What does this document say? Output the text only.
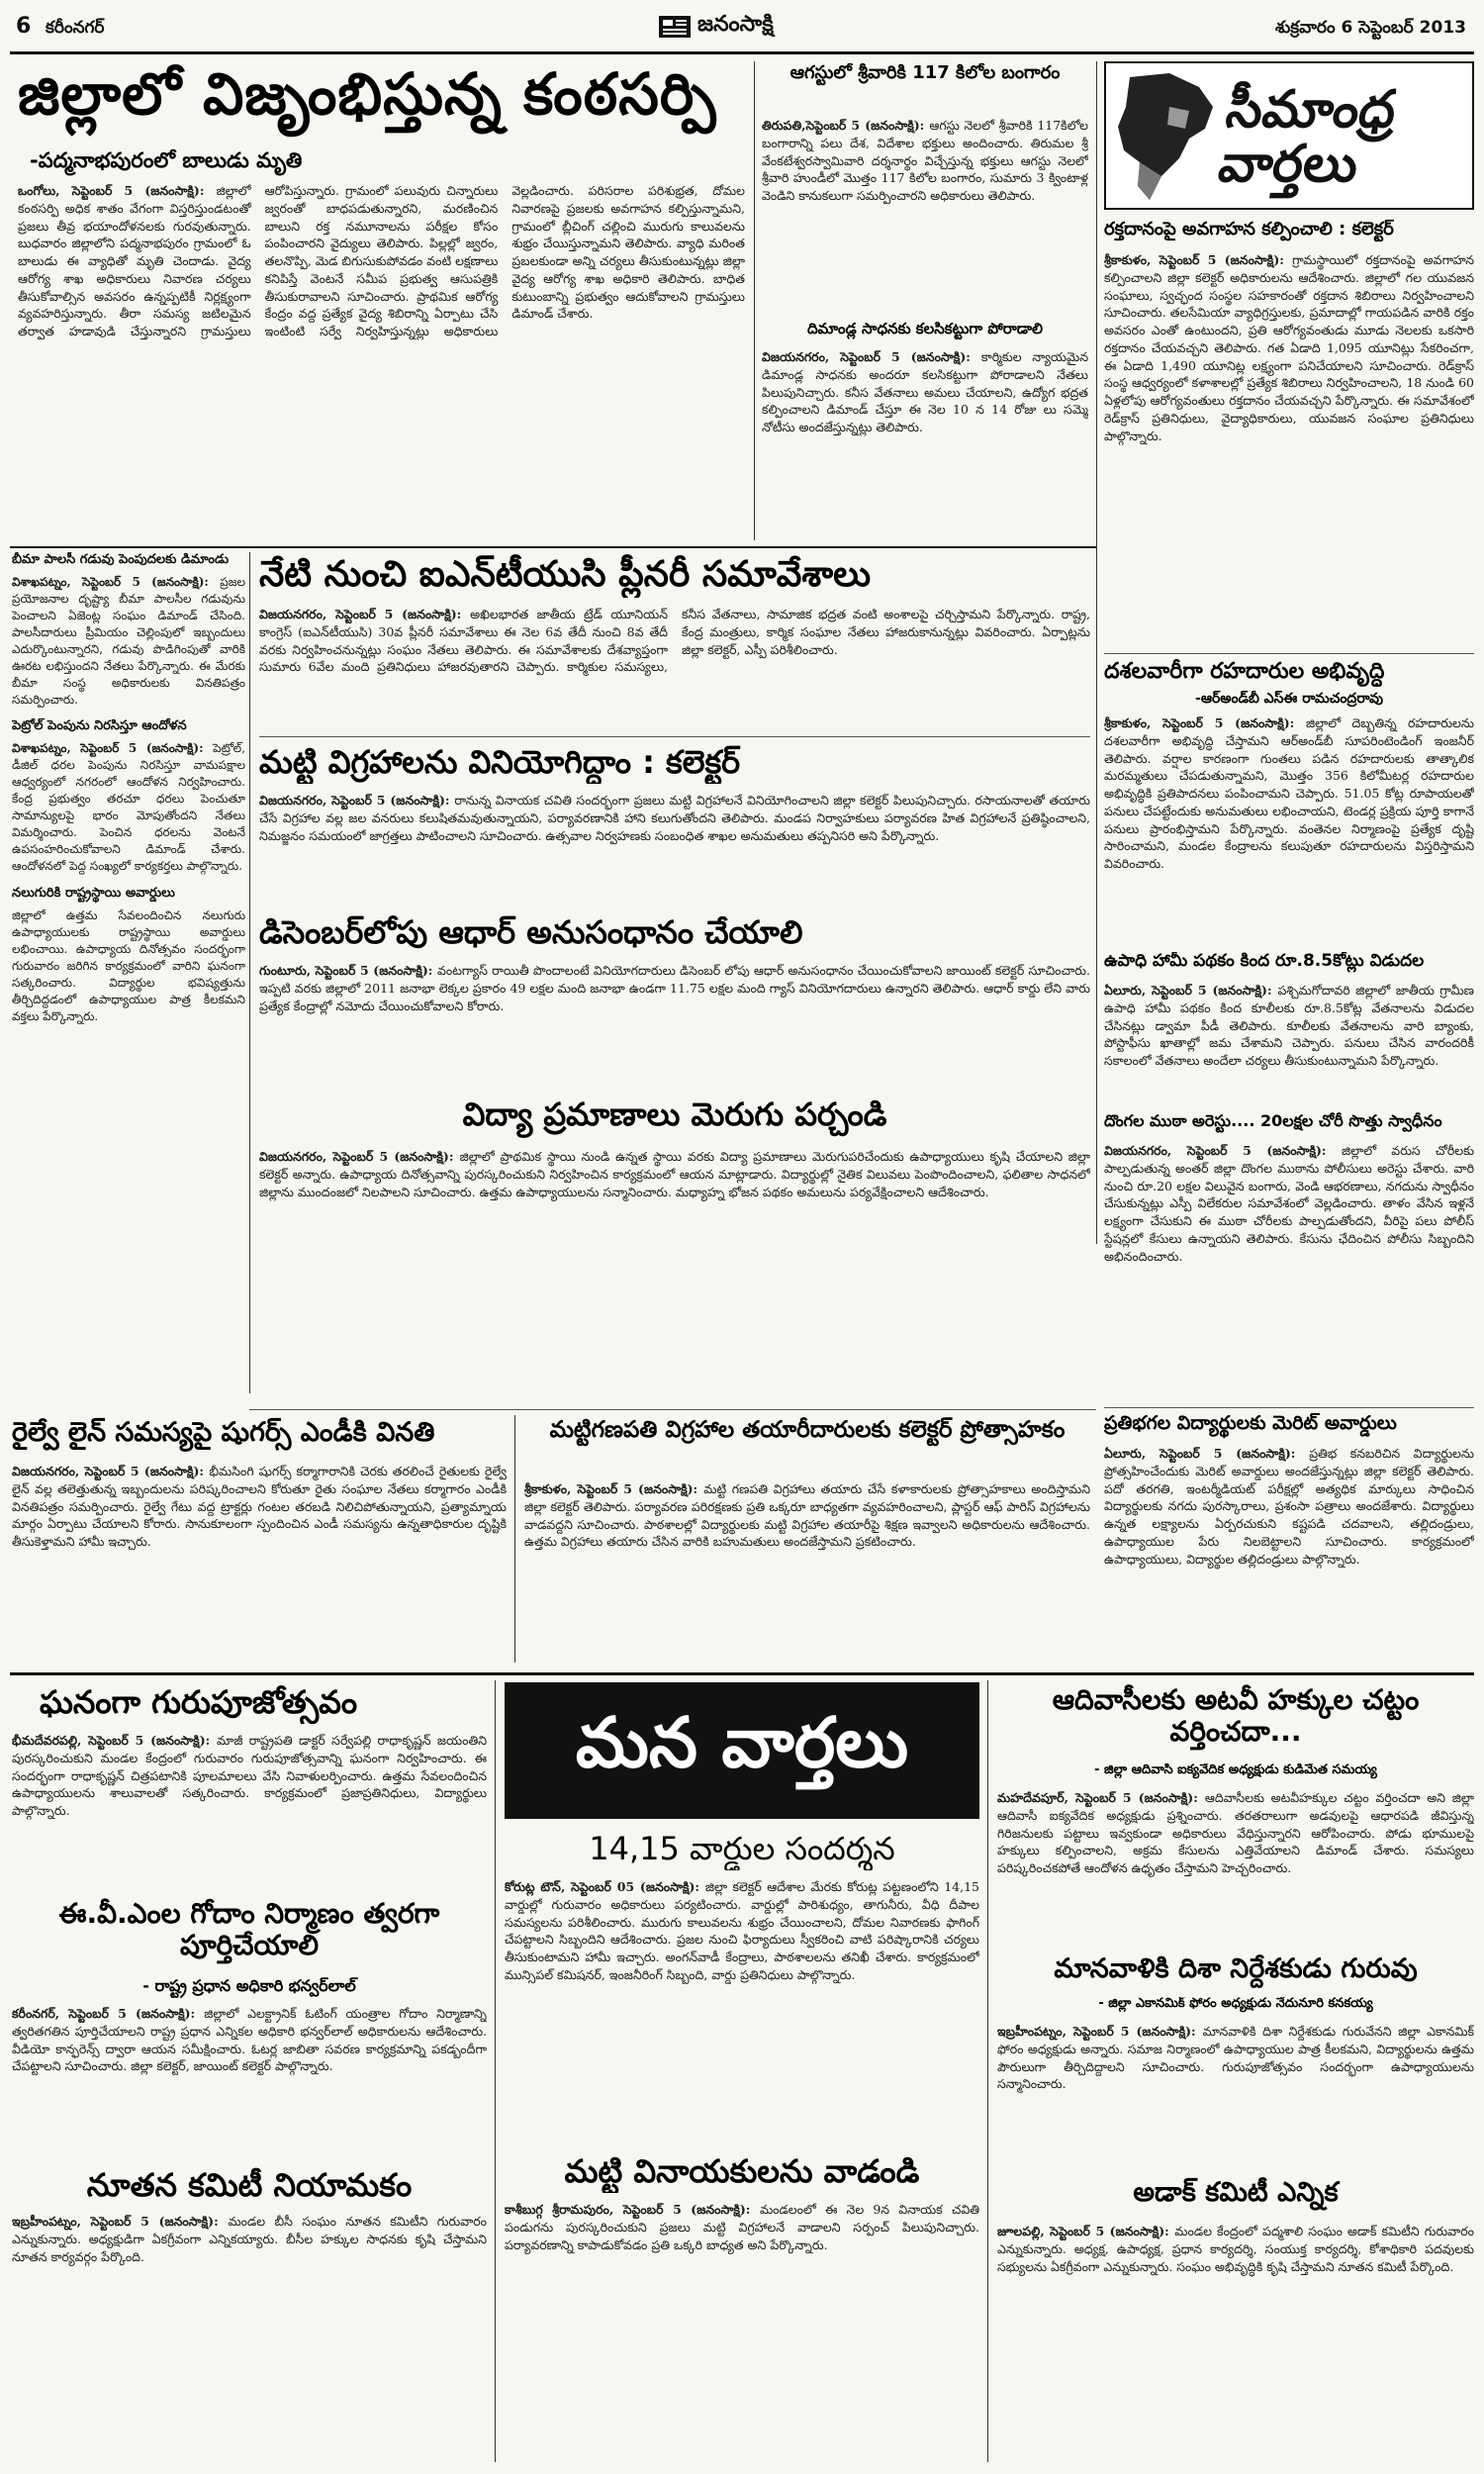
6 కరీంనగర్	జనంసాక్షి	శుక్రవారం 6 సెప్టెంబర్ 2013
జిల్లాలో విజృంభిస్తున్న కంఠసర్పి
-పద్మనాభపురంలో బాలుడు మృతి
ఒంగోలు, సెప్టెంబర్ 5 (జనంసాక్షి): జిల్లాలో కంఠసర్పి అధిక శాతం వేగంగా విస్తరిస్తుండటంతో ప్రజలు తీవ్ర భయాందోళనలకు గురవుతున్నారు. బుధవారం జిల్లాలోని పద్మనాభపురం గ్రామంలో ఓ బాలుడు ఈ వ్యాధితో మృతి చెందాడు. వైద్య ఆరోగ్య శాఖ అధికారులు నివారణ చర్యలు తీసుకోవాల్సిన అవసరం ఉన్నప్పటికీ నిర్లక్ష్యంగా వ్యవహరిస్తున్నారు. తీరా సమస్య జటిలమైన తర్వాత హడావుడి చేస్తున్నారని గ్రామస్తులు ఆరోపిస్తున్నారు. గ్రామంలో పలువురు చిన్నారులు జ్వరంతో బాధపడుతున్నారని, మరణించిన బాలుని రక్త నమూనాలను పరీక్షల కోసం పంపించారని వైద్యులు తెలిపారు. పిల్లల్లో జ్వరం, తలనొప్పి, మెడ బిగుసుకుపోవడం వంటి లక్షణాలు కనిపిస్తే వెంటనే సమీప ప్రభుత్వ ఆసుపత్రికి తీసుకురావాలని సూచించారు. ప్రాథమిక ఆరోగ్య కేంద్రం వద్ద ప్రత్యేక వైద్య శిబిరాన్ని ఏర్పాటు చేసి ఇంటింటి సర్వే నిర్వహిస్తున్నట్లు అధికారులు వెల్లడించారు. పరిసరాల పరిశుభ్రత, దోమల నివారణపై ప్రజలకు అవగాహన కల్పిస్తున్నామని, గ్రామంలో బ్లీచింగ్ చల్లించి మురుగు కాలువలను శుభ్రం చేయిస్తున్నామని తెలిపారు. వ్యాధి మరింత ప్రబలకుండా అన్ని చర్యలు తీసుకుంటున్నట్లు జిల్లా వైద్య ఆరోగ్య శాఖ అధికారి తెలిపారు. బాధిత కుటుంబాన్ని ప్రభుత్వం ఆదుకోవాలని గ్రామస్తులు డిమాండ్ చేశారు.
ఆగస్టులో శ్రీవారికి 117 కిలోల బంగారం
తిరుపతి,సెప్టెంబర్ 5 (జనంసాక్షి): ఆగస్టు నెలలో శ్రీవారికి 117కిలోల బంగారాన్ని పలు దేశ, విదేశాల భక్తులు అందించారు. తిరుమల శ్రీ వేంకటేశ్వరస్వామివారి దర్శనార్థం విచ్చేస్తున్న భక్తులు ఆగస్టు నెలలో శ్రీవారి హుండీలో మొత్తం 117 కిలోల బంగారం, సుమారు 3 క్వింటాళ్ల వెండిని కానుకలుగా సమర్పించారని అధికారులు తెలిపారు.
దిమాండ్ల సాధనకు కలసికట్టుగా పోరాడాలి
విజయనగరం, సెప్టెంబర్ 5 (జనంసాక్షి): కార్మికుల న్యాయమైన డిమాండ్ల సాధనకు అందరూ కలసికట్టుగా పోరాడాలని నేతలు పిలుపునిచ్చారు. కనీస వేతనాలు అమలు చేయాలని, ఉద్యోగ భద్రత కల్పించాలని డిమాండ్ చేస్తూ ఈ నెల 10 న 14 రోజు లు సమ్మె నోటీసు అందజేస్తున్నట్లు తెలిపారు.
సీమాంధ్ర వార్తలు
రక్తదానంపై అవగాహన కల్పించాలి : కలెక్టర్
శ్రీకాకుళం, సెప్టెంబర్ 5 (జనంసాక్షి): గ్రామస్థాయిలో రక్తదానంపై అవగాహన కల్పించాలని జిల్లా కలెక్టర్ అధికారులను ఆదేశించారు. జిల్లాలో గల యువజన సంఘాలు, స్వచ్ఛంద సంస్థల సహకారంతో రక్తదాన శిబిరాలు నిర్వహించాలని సూచించారు. తలసేమియా వ్యాధిగ్రస్తులకు, ప్రమాదాల్లో గాయపడిన వారికి రక్తం అవసరం ఎంతో ఉంటుందని, ప్రతి ఆరోగ్యవంతుడు మూడు నెలలకు ఒకసారి రక్తదానం చేయవచ్చని తెలిపారు. గత ఏడాది 1,095 యూనిట్లు సేకరించగా, ఈ ఏడాది 1,490 యూనిట్ల లక్ష్యంగా పనిచేయాలని సూచించారు. రెడ్‌క్రాస్ సంస్థ ఆధ్వర్యంలో కళాశాలల్లో ప్రత్యేక శిబిరాలు నిర్వహించాలని, 18 నుండి 60 ఏళ్లలోపు ఆరోగ్యవంతులు రక్తదానం చేయవచ్చని పేర్కొన్నారు. ఈ సమావేశంలో రెడ్‌క్రాస్ ప్రతినిధులు, వైద్యాధికారులు, యువజన సంఘాల ప్రతినిధులు పాల్గొన్నారు.
దశలవారీగా రహదారుల అభివృద్ధి
-ఆర్అండ్‌బీ ఎస్ఈ రామచంద్రరావు
శ్రీకాకుళం, సెప్టెంబర్ 5 (జనంసాక్షి): జిల్లాలో దెబ్బతిన్న రహదారులను దశలవారీగా అభివృద్ధి చేస్తామని ఆర్అండ్‌బీ సూపరింటెండింగ్ ఇంజనీర్ తెలిపారు. వర్షాల కారణంగా గుంతలు పడిన రహదారులకు తాత్కాలిక మరమ్మతులు చేపడుతున్నామని, మొత్తం 356 కిలోమీటర్ల రహదారుల అభివృద్ధికి ప్రతిపాదనలు పంపించామని చెప్పారు. 51.05 కోట్ల రూపాయలతో పనులు చేపట్టేందుకు అనుమతులు లభించాయని, టెండర్ల ప్రక్రియ పూర్తి కాగానే పనులు ప్రారంభిస్తామని పేర్కొన్నారు. వంతెనల నిర్మాణంపై ప్రత్యేక దృష్టి సారించామని, మండల కేంద్రాలను కలుపుతూ రహదారులను విస్తరిస్తామని వివరించారు.
ఉపాధి హామీ పథకం కింద రూ.8.5కోట్లు విడుదల
ఏలూరు, సెప్టెంబర్ 5 (జనంసాక్షి): పశ్చిమగోదావరి జిల్లాలో జాతీయ గ్రామీణ ఉపాధి హామీ పథకం కింద కూలీలకు రూ.8.5కోట్ల వేతనాలను విడుదల చేసినట్లు డ్వామా పీడీ తెలిపారు. కూలీలకు వేతనాలను వారి బ్యాంకు, పోస్టాఫీసు ఖాతాల్లో జమ చేశామని చెప్పారు. పనులు చేసిన వారందరికీ సకాలంలో వేతనాలు అందేలా చర్యలు తీసుకుంటున్నామని పేర్కొన్నారు.
దొంగల ముఠా అరెస్టు.... 20లక్షల చోరీ సొత్తు స్వాధీనం
విజయనగరం, సెప్టెంబర్ 5 (జనంసాక్షి): జిల్లాలో వరుస చోరీలకు పాల్పడుతున్న అంతర్ జిల్లా దొంగల ముఠాను పోలీసులు అరెస్టు చేశారు. వారి నుంచి రూ.20 లక్షల విలువైన బంగారు, వెండి ఆభరణాలు, నగదును స్వాధీనం చేసుకున్నట్లు ఎస్పీ విలేకరుల సమావేశంలో వెల్లడించారు. తాళం వేసిన ఇళ్లనే లక్ష్యంగా చేసుకుని ఈ ముఠా చోరీలకు పాల్పడుతోందని, వీరిపై పలు పోలీస్ స్టేషన్లలో కేసులు ఉన్నాయని తెలిపారు. కేసును ఛేదించిన పోలీసు సిబ్బందిని అభినందించారు.
ప్రతిభగల విద్యార్థులకు మెరిట్ అవార్డులు
ఏలూరు, సెప్టెంబర్ 5 (జనంసాక్షి): ప్రతిభ కనబరిచిన విద్యార్థులను ప్రోత్సహించేందుకు మెరిట్ అవార్డులు అందజేస్తున్నట్లు జిల్లా కలెక్టర్ తెలిపారు. పదో తరగతి, ఇంటర్మీడియట్ పరీక్షల్లో అత్యధిక మార్కులు సాధించిన విద్యార్థులకు నగదు పురస్కారాలు, ప్రశంసా పత్రాలు అందజేశారు. విద్యార్థులు ఉన్నత లక్ష్యాలను ఏర్పరచుకుని కష్టపడి చదవాలని, తల్లిదండ్రులు, ఉపాధ్యాయుల పేరు నిలబెట్టాలని సూచించారు. కార్యక్రమంలో ఉపాధ్యాయులు, విద్యార్థుల తల్లిదండ్రులు పాల్గొన్నారు.
బీమా పాలసీ గడువు పెంపుదలకు డిమాండు
విశాఖపట్నం, సెప్టెంబర్ 5 (జనంసాక్షి): ప్రజల ప్రయోజనాల దృష్ట్యా బీమా పాలసీల గడువును పెంచాలని ఏజెంట్ల సంఘం డిమాండ్ చేసింది. పాలసీదారులు ప్రీమియం చెల్లింపులో ఇబ్బందులు ఎదుర్కొంటున్నారని, గడువు పొడిగింపుతో వారికి ఊరట లభిస్తుందని నేతలు పేర్కొన్నారు. ఈ మేరకు బీమా సంస్థ అధికారులకు వినతిపత్రం సమర్పించారు.
పెట్రోల్ పెంపును నిరసిస్తూ ఆందోళన
విశాఖపట్నం, సెప్టెంబర్ 5 (జనంసాక్షి): పెట్రోల్, డీజిల్ ధరల పెంపును నిరసిస్తూ వామపక్షాల ఆధ్వర్యంలో నగరంలో ఆందోళన నిర్వహించారు. కేంద్ర ప్రభుత్వం తరచూ ధరలు పెంచుతూ సామాన్యులపై భారం మోపుతోందని నేతలు విమర్శించారు. పెంచిన ధరలను వెంటనే ఉపసంహరించుకోవాలని డిమాండ్ చేశారు. ఆందోళనలో పెద్ద సంఖ్యలో కార్యకర్తలు పాల్గొన్నారు.
నలుగురికి రాష్ట్రస్థాయి అవార్డులు
జిల్లాలో ఉత్తమ సేవలందించిన నలుగురు ఉపాధ్యాయులకు రాష్ట్రస్థాయి అవార్డులు లభించాయి. ఉపాధ్యాయ దినోత్సవం సందర్భంగా గురువారం జరిగిన కార్యక్రమంలో వారిని ఘనంగా సత్కరించారు. విద్యార్థుల భవిష్యత్తును తీర్చిదిద్దడంలో ఉపాధ్యాయుల పాత్ర కీలకమని వక్తలు పేర్కొన్నారు.
నేటి నుంచి ఐఎన్‌టీయుసి ప్లీనరీ సమావేశాలు
విజయనగరం, సెప్టెంబర్ 5 (జనంసాక్షి): అఖిలభారత జాతీయ ట్రేడ్ యూనియన్ కాంగ్రెస్ (ఐఎన్‌టీయుసి) 30వ ప్లీనరీ సమావేశాలు ఈ నెల 6వ తేదీ నుంచి 8వ తేదీ వరకు నిర్వహించనున్నట్లు సంఘం నేతలు తెలిపారు. ఈ సమావేశాలకు దేశవ్యాప్తంగా సుమారు 6వేల మంది ప్రతినిధులు హాజరవుతారని చెప్పారు. కార్మికుల సమస్యలు, కనీస వేతనాలు, సామాజిక భద్రత వంటి అంశాలపై చర్చిస్తామని పేర్కొన్నారు. రాష్ట్ర, కేంద్ర మంత్రులు, కార్మిక సంఘాల నేతలు హాజరుకానున్నట్లు వివరించారు. ఏర్పాట్లను జిల్లా కలెక్టర్, ఎస్పీ పరిశీలించారు.
మట్టి విగ్రహాలను వినియోగిద్దాం : కలెక్టర్
విజయనగరం, సెప్టెంబర్ 5 (జనంసాక్షి): రానున్న వినాయక చవితి సందర్భంగా ప్రజలు మట్టి విగ్రహాలనే వినియోగించాలని జిల్లా కలెక్టర్ పిలుపునిచ్చారు. రసాయనాలతో తయారు చేసే విగ్రహాల వల్ల జల వనరులు కలుషితమవుతున్నాయని, పర్యావరణానికి హాని కలుగుతోందని తెలిపారు. మండప నిర్వాహకులు పర్యావరణ హిత విగ్రహాలనే ప్రతిష్ఠించాలని, నిమజ్జనం సమయంలో జాగ్రత్తలు పాటించాలని సూచించారు. ఉత్సవాల నిర్వహణకు సంబంధిత శాఖల అనుమతులు తప్పనిసరి అని పేర్కొన్నారు.
డిసెంబర్‌లోపు ఆధార్ అనుసంధానం చేయాలి
గుంటూరు, సెప్టెంబర్ 5 (జనంసాక్షి): వంటగ్యాస్ రాయితీ పొందాలంటే వినియోగదారులు డిసెంబర్ లోపు ఆధార్ అనుసంధానం చేయించుకోవాలని జాయింట్ కలెక్టర్ సూచించారు. ఇప్పటి వరకు జిల్లాలో 2011 జనాభా లెక్కల ప్రకారం 49 లక్షల మంది జనాభా ఉండగా 11.75 లక్షల మంది గ్యాస్ వినియోగదారులు ఉన్నారని తెలిపారు. ఆధార్ కార్డు లేని వారు ప్రత్యేక కేంద్రాల్లో నమోదు చేయించుకోవాలని కోరారు.
విద్యా ప్రమాణాలు మెరుగు పర్చండి
విజయనగరం, సెప్టెంబర్ 5 (జనంసాక్షి): జిల్లాలో ప్రాథమిక స్థాయి నుండి ఉన్నత స్థాయి వరకు విద్యా ప్రమాణాలు మెరుగుపరిచేందుకు ఉపాధ్యాయులు కృషి చేయాలని జిల్లా కలెక్టర్ అన్నారు. ఉపాధ్యాయ దినోత్సవాన్ని పురస్కరించుకుని నిర్వహించిన కార్యక్రమంలో ఆయన మాట్లాడారు. విద్యార్థుల్లో నైతిక విలువలు పెంపొందించాలని, ఫలితాల సాధనలో జిల్లాను ముందంజలో నిలపాలని సూచించారు. ఉత్తమ ఉపాధ్యాయులను సన్మానించారు. మధ్యాహ్న భోజన పథకం అమలును పర్యవేక్షించాలని ఆదేశించారు.
రైల్వే లైన్ సమస్యపై షుగర్స్ ఎండీకి వినతి
విజయనగరం, సెప్టెంబర్ 5 (జనంసాక్షి): భీమసింగి షుగర్స్ కర్మాగారానికి చెరకు తరలించే రైతులకు రైల్వే లైన్ వల్ల తలెత్తుతున్న ఇబ్బందులను పరిష్కరించాలని కోరుతూ రైతు సంఘాల నేతలు కర్మాగారం ఎండీకి వినతిపత్రం సమర్పించారు. రైల్వే గేటు వద్ద ట్రాక్టర్లు గంటల తరబడి నిలిచిపోతున్నాయని, ప్రత్యామ్నాయ మార్గం ఏర్పాటు చేయాలని కోరారు. సానుకూలంగా స్పందించిన ఎండీ సమస్యను ఉన్నతాధికారుల దృష్టికి తీసుకెళ్తామని హామీ ఇచ్చారు.
మట్టిగణపతి విగ్రహాల తయారీదారులకు కలెక్టర్ ప్రోత్సాహకం
శ్రీకాకుళం, సెప్టెంబర్ 5 (జనంసాక్షి): మట్టి గణపతి విగ్రహాలు తయారు చేసే కళాకారులకు ప్రోత్సాహకాలు అందిస్తామని జిల్లా కలెక్టర్ తెలిపారు. పర్యావరణ పరిరక్షణకు ప్రతి ఒక్కరూ బాధ్యతగా వ్యవహరించాలని, ప్లాస్టర్ ఆఫ్ పారిస్ విగ్రహాలను వాడవద్దని సూచించారు. పాఠశాలల్లో విద్యార్థులకు మట్టి విగ్రహాల తయారీపై శిక్షణ ఇవ్వాలని అధికారులను ఆదేశించారు. ఉత్తమ విగ్రహాలు తయారు చేసిన వారికి బహుమతులు అందజేస్తామని ప్రకటించారు.
ఘనంగా గురుపూజోత్సవం
భీమదేవరపల్లి, సెప్టెంబర్ 5 (జనంసాక్షి): మాజీ రాష్ట్రపతి డాక్టర్ సర్వేపల్లి రాధాకృష్ణన్ జయంతిని పురస్కరించుకుని మండల కేంద్రంలో గురువారం గురుపూజోత్సవాన్ని ఘనంగా నిర్వహించారు. ఈ సందర్భంగా రాధాకృష్ణన్ చిత్రపటానికి పూలమాలలు వేసి నివాళులర్పించారు. ఉత్తమ సేవలందించిన ఉపాధ్యాయులను శాలువాలతో సత్కరించారు. కార్యక్రమంలో ప్రజాప్రతినిధులు, విద్యార్థులు పాల్గొన్నారు.
ఈ.వీ.ఎంల గోదాం నిర్మాణం త్వరగా పూర్తిచేయాలి
- రాష్ట్ర ప్రధాన అధికారి భన్వర్‌లాల్
కరీంనగర్, సెప్టెంబర్ 5 (జనంసాక్షి): జిల్లాలో ఎలక్ట్రానిక్ ఓటింగ్ యంత్రాల గోదాం నిర్మాణాన్ని త్వరితగతిన పూర్తిచేయాలని రాష్ట్ర ప్రధాన ఎన్నికల అధికారి భన్వర్‌లాల్ అధికారులను ఆదేశించారు. వీడియో కాన్ఫరెన్స్ ద్వారా ఆయన సమీక్షించారు. ఓటర్ల జాబితా సవరణ కార్యక్రమాన్ని పకడ్బందీగా చేపట్టాలని సూచించారు. జిల్లా కలెక్టర్, జాయింట్ కలెక్టర్ పాల్గొన్నారు.
నూతన కమిటీ నియామకం
ఇబ్రహీంపట్నం, సెప్టెంబర్ 5 (జనంసాక్షి): మండల బీసీ సంఘం నూతన కమిటీని గురువారం ఎన్నుకున్నారు. అధ్యక్షుడిగా ఏకగ్రీవంగా ఎన్నికయ్యారు. బీసీల హక్కుల సాధనకు కృషి చేస్తామని నూతన కార్యవర్గం పేర్కొంది.
మన వార్తలు
14,15 వార్డుల సందర్శన
కోరుట్ల టౌన్, సెప్టెంబర్ 05 (జనంసాక్షి): జిల్లా కలెక్టర్ ఆదేశాల మేరకు కోరుట్ల పట్టణంలోని 14,15 వార్డుల్లో గురువారం అధికారులు పర్యటించారు. వార్డుల్లో పారిశుధ్యం, తాగునీరు, వీధి దీపాల సమస్యలను పరిశీలించారు. మురుగు కాలువలను శుభ్రం చేయించాలని, దోమల నివారణకు ఫాగింగ్ చేపట్టాలని సిబ్బందిని ఆదేశించారు. ప్రజల నుంచి ఫిర్యాదులు స్వీకరించి వాటి పరిష్కారానికి చర్యలు తీసుకుంటామని హామీ ఇచ్చారు. అంగన్‌వాడీ కేంద్రాలు, పాఠశాలలను తనిఖీ చేశారు. కార్యక్రమంలో మున్సిపల్ కమిషనర్, ఇంజనీరింగ్ సిబ్బంది, వార్డు ప్రతినిధులు పాల్గొన్నారు.
మట్టి వినాయకులను వాడండి
కాశీబుగ్గ శ్రీరామపురం, సెప్టెంబర్ 5 (జనంసాక్షి): మండలంలో ఈ నెల 9న వినాయక చవితి పండుగను పురస్కరించుకుని ప్రజలు మట్టి విగ్రహాలనే వాడాలని సర్పంచ్ పిలుపునిచ్చారు. పర్యావరణాన్ని కాపాడుకోవడం ప్రతి ఒక్కరి బాధ్యత అని పేర్కొన్నారు.
ఆదివాసీలకు అటవీ హక్కుల చట్టం వర్తించదా...
- జిల్లా ఆదివాసీ ఐక్యవేదిక అధ్యక్షుడు కుడిమేత సమయ్య
మహదేవపూర్, సెప్టెంబర్ 5 (జనంసాక్షి): ఆదివాసీలకు అటవీహక్కుల చట్టం వర్తించదా అని జిల్లా ఆదివాసీ ఐక్యవేదిక అధ్యక్షుడు ప్రశ్నించారు. తరతరాలుగా అడవులపై ఆధారపడి జీవిస్తున్న గిరిజనులకు పట్టాలు ఇవ్వకుండా అధికారులు వేధిస్తున్నారని ఆరోపించారు. పోడు భూములపై హక్కులు కల్పించాలని, అక్రమ కేసులను ఎత్తివేయాలని డిమాండ్ చేశారు. సమస్యలు పరిష్కరించకపోతే ఆందోళన ఉధృతం చేస్తామని హెచ్చరించారు.
మానవాళికి దిశా నిర్దేశకుడు గురువు
- జిల్లా ఎకానమిక్ ఫోరం అధ్యక్షుడు నేదునూరి కనకయ్య
ఇబ్రహీంపట్నం, సెప్టెంబర్ 5 (జనంసాక్షి): మానవాళికి దిశా నిర్దేశకుడు గురువేనని జిల్లా ఎకానమిక్ ఫోరం అధ్యక్షుడు అన్నారు. సమాజ నిర్మాణంలో ఉపాధ్యాయుల పాత్ర కీలకమని, విద్యార్థులను ఉత్తమ పౌరులుగా తీర్చిదిద్దాలని సూచించారు. గురుపూజోత్సవం సందర్భంగా ఉపాధ్యాయులను సన్మానించారు.
అడాక్ కమిటీ ఎన్నిక
జూలపల్లి, సెప్టెంబర్ 5 (జనంసాక్షి): మండల కేంద్రంలో పద్మశాలి సంఘం అడాక్ కమిటీని గురువారం ఎన్నుకున్నారు. అధ్యక్ష, ఉపాధ్యక్ష, ప్రధాన కార్యదర్శి, సంయుక్త కార్యదర్శి, కోశాధికారి పదవులకు సభ్యులను ఏకగ్రీవంగా ఎన్నుకున్నారు. సంఘం అభివృద్ధికి కృషి చేస్తామని నూతన కమిటీ పేర్కొంది.
